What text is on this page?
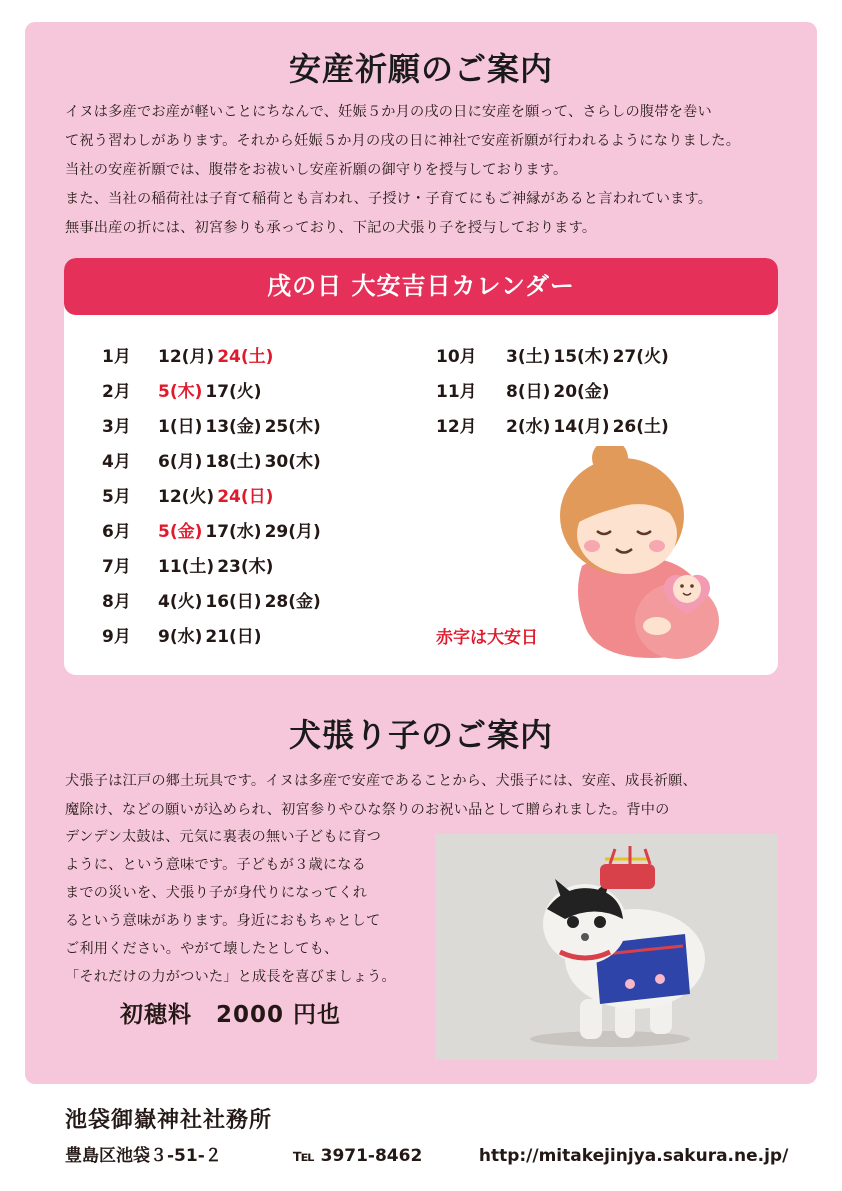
安産祈願のご案内

イヌは多産でお産が軽いことにちなんで、妊娠５か月の戌の日に安産を願って、さらしの腹帯を巻い

て祝う習わしがあります。それから妊娠５か月の戌の日に神社で安産祈願が行われるようになりました。

当社の安産祈願では、腹帯をお祓いし安産祈願の御守りを授与しております。

また、当社の稲荷社は子育て稲荷とも言われ、子授け・子育てにもご神縁があると言われています。

無事出産の折には、初宮参りも承っており、下記の犬張り子を授与しております。

戌の日 大安吉日カレンダー
1月 12(月) 24(土)
2月 5(木) 17(火)
3月 1(日) 13(金) 25(木)
4月 6(月) 18(土) 30(木)
5月 12(火) 24(日)
6月 5(金) 17(水) 29(月)
7月 11(土) 23(木)
8月 4(火) 16(日) 28(金)
9月 9(水) 21(日)
10月 3(土) 15(木) 27(火)
11月 8(日) 20(金)
12月 2(水) 14(月) 26(土)
赤字は大安日
犬張り子のご案内

犬張子は江戸の郷土玩具です。イヌは多産で安産であることから、犬張子には、安産、成長祈願、

魔除け、などの願いが込められ、初宮参りやひな祭りのお祝い品として贈られました。背中の

デンデン太鼓は、元気に裏表の無い子どもに育つ

ように、という意味です。子どもが３歳になる

までの災いを、犬張り子が身代りになってくれ

るという意味があります。身近におもちゃとして

ご利用ください。やがて壊したとしても、

「それだけの力がついた」と成長を喜びましょう。

初穂料　2000 円也
池袋御嶽神社社務所
豊島区池袋３‐51‐２	℡ 3971‐8462	http://mitakejinjya.sakura.ne.jp/
